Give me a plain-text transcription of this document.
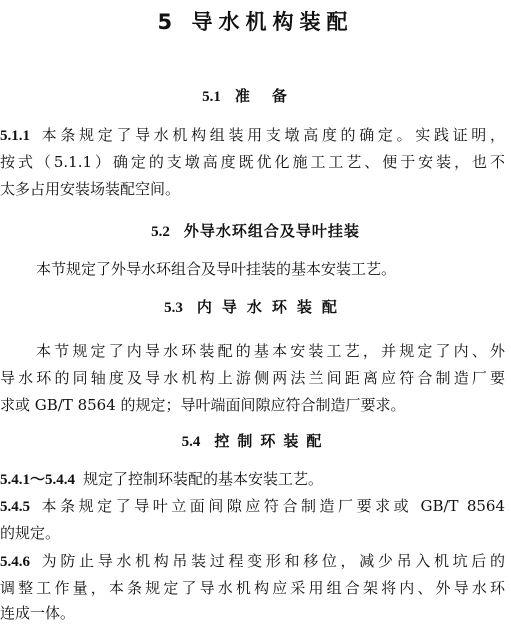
5 导水机构装配
5.1 准备
5.1.1 本条规定了导水机构组装用支墩高度的确定。实践证明，
按式（5.1.1）确定的支墩高度既优化施工工艺、便于安装，也不
太多占用安装场装配空间。
5.2 外导水环组合及导叶挂装
本节规定了外导水环组合及导叶挂装的基本安装工艺。
5.3 内导水环装配
本节规定了内导水环装配的基本安装工艺，并规定了内、外
导水环的同轴度及导水机构上游侧两法兰间距离应符合制造厂要
求或 GB/T 8564 的规定；导叶端面间隙应符合制造厂要求。
5.4 控制环装配
5.4.1～5.4.4 规定了控制环装配的基本安装工艺。
5.4.5 本条规定了导叶立面间隙应符合制造厂要求或 GB/T 8564
的规定。
5.4.6 为防止导水机构吊装过程变形和移位，减少吊入机坑后的
调整工作量，本条规定了导水机构应采用组合架将内、外导水环
连成一体。
